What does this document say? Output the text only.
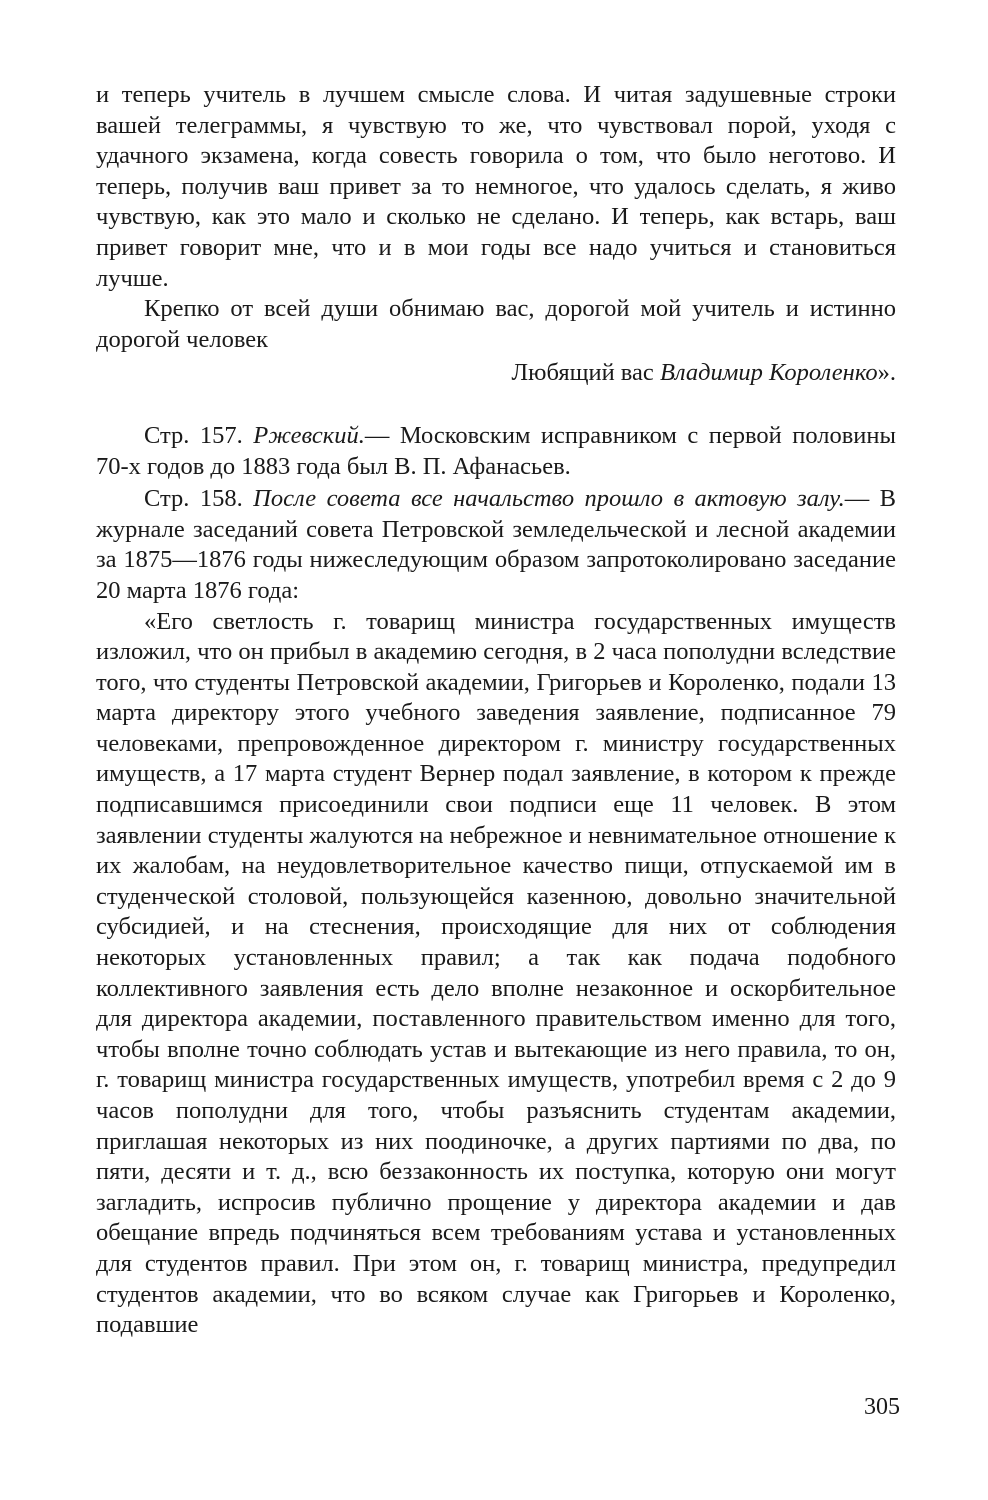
и теперь учитель в лучшем смысле слова. И читая задушевные строки вашей телеграммы, я чувствую то же, что чувствовал порой, уходя с удачного экзамена, когда совесть говорила о том, что было неготово. И теперь, получив ваш привет за то немногое, что удалось сделать, я живо чувствую, как это мало и сколько не сделано. И теперь, как встарь, ваш привет говорит мне, что и в мои годы все надо учиться и становиться лучше.

Крепко от всей души обнимаю вас, дорогой мой учитель и истинно дорогой человек

Любящий вас Владимир Короленко».

Стр. 157. Ржевский.— Московским исправником с первой половины 70-х годов до 1883 года был В. П. Афанасьев.

Стр. 158. После совета все начальство прошло в актовую залу.— В журнале заседаний совета Петровской земледельческой и лесной академии за 1875—1876 годы нижеследующим образом запротоколировано заседание 20 марта 1876 года:

«Его светлость г. товарищ министра государственных имуществ изложил, что он прибыл в академию сегодня, в 2 часа пополудни вследствие того, что студенты Петровской академии, Григорьев и Короленко, подали 13 марта директору этого учебного заведения заявление, подписанное 79 человеками, препровожденное директором г. министру государственных имуществ, а 17 марта студент Вернер подал заявление, в котором к прежде подписавшимся присоединили свои подписи еще 11 человек. В этом заявлении студенты жалуются на небрежное и невнимательное отношение к их жалобам, на неудовлетворительное качество пищи, отпускаемой им в студенческой столовой, пользующейся казенною, довольно значительной субсидией, и на стеснения, происходящие для них от соблюдения некоторых установленных правил; а так как подача подобного коллективного заявления есть дело вполне незаконное и оскорбительное для директора академии, поставленного правительством именно для того, чтобы вполне точно соблюдать устав и вытекающие из него правила, то он, г. товарищ министра государственных имуществ, употребил время с 2 до 9 часов пополудни для того, чтобы разъяснить студентам академии, приглашая некоторых из них поодиночке, а других партиями по два, по пяти, десяти и т. д., всю беззаконность их поступка, которую они могут загладить, испросив публично прощение у директора академии и дав обещание впредь подчиняться всем требованиям устава и установленных для студентов правил. При этом он, г. товарищ министра, предупредил студентов академии, что во всяком случае как Григорьев и Короленко, подавшие

305
